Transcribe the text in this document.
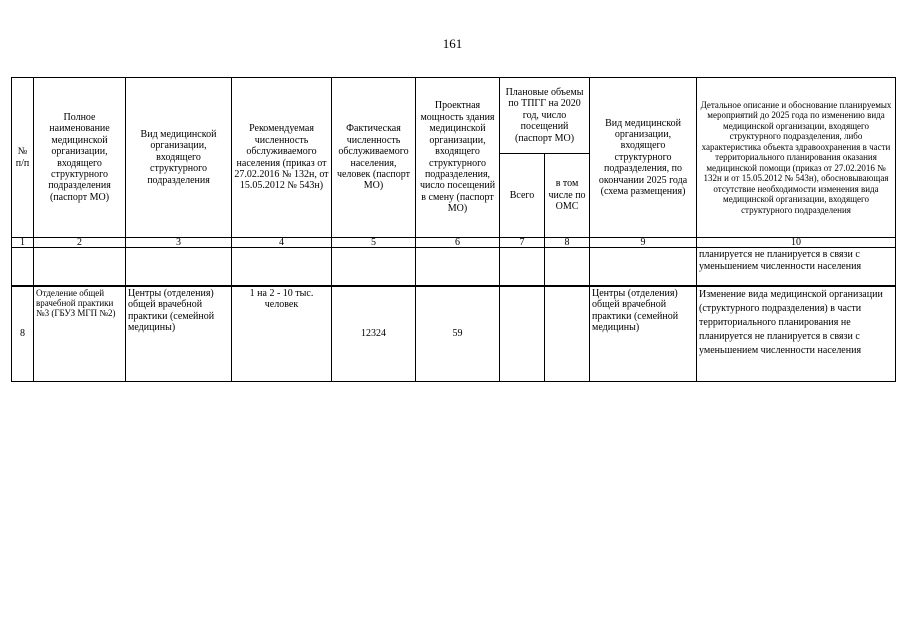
161
№ п/п	Полное наименование медицинской организации, входящего структурного подразделения (паспорт МО)	Вид медицинской организации, входящего структурного подразделения	Рекомендуемая численность обслуживаемого населения (приказ от 27.02.2016 № 132н, от 15.05.2012 № 543н)	Фактическая численность обслуживаемого населения, человек (паспорт МО)	Проектная мощность здания медицинской организации, входящего структурного подразделения, число посещений в смену (паспорт МО)	Плановые объемы по ТПГГ на 2020 год, число посещений (паспорт МО)		Вид медицинской организации, входящего структурного подразделения, по окончании 2025 года (схема размещения)	Детальное описание и обоснование планируемых мероприятий до 2025 года по изменению вида медицинской организации, входящего структурного подразделения, либо характеристика объекта здравоохранения в части территориального планирования оказания медицинской помощи (приказ от 27.02.2016 № 132н и от 15.05.2012 № 543н), обосновывающая отсутствие необходимости изменения вида медицинской организации, входящего структурного подразделения
						Всего	в том числе по ОМС		
1	2	3	4	5	6	7	8	9	10
									планируется не планируется в связи с уменьшением численности населения
8	Отделение общей врачебной практики №3 (ГБУЗ МГП №2)	Центры (отделения) общей врачебной практики (семейной медицины)	1 на 2 - 10 тыс. человек	12324	59			Центры (отделения) общей врачебной практики (семейной медицины)	Изменение вида медицинской организации (структурного подразделения) в части территориального планирования не планируется не планируется в связи с уменьшением численности населения
